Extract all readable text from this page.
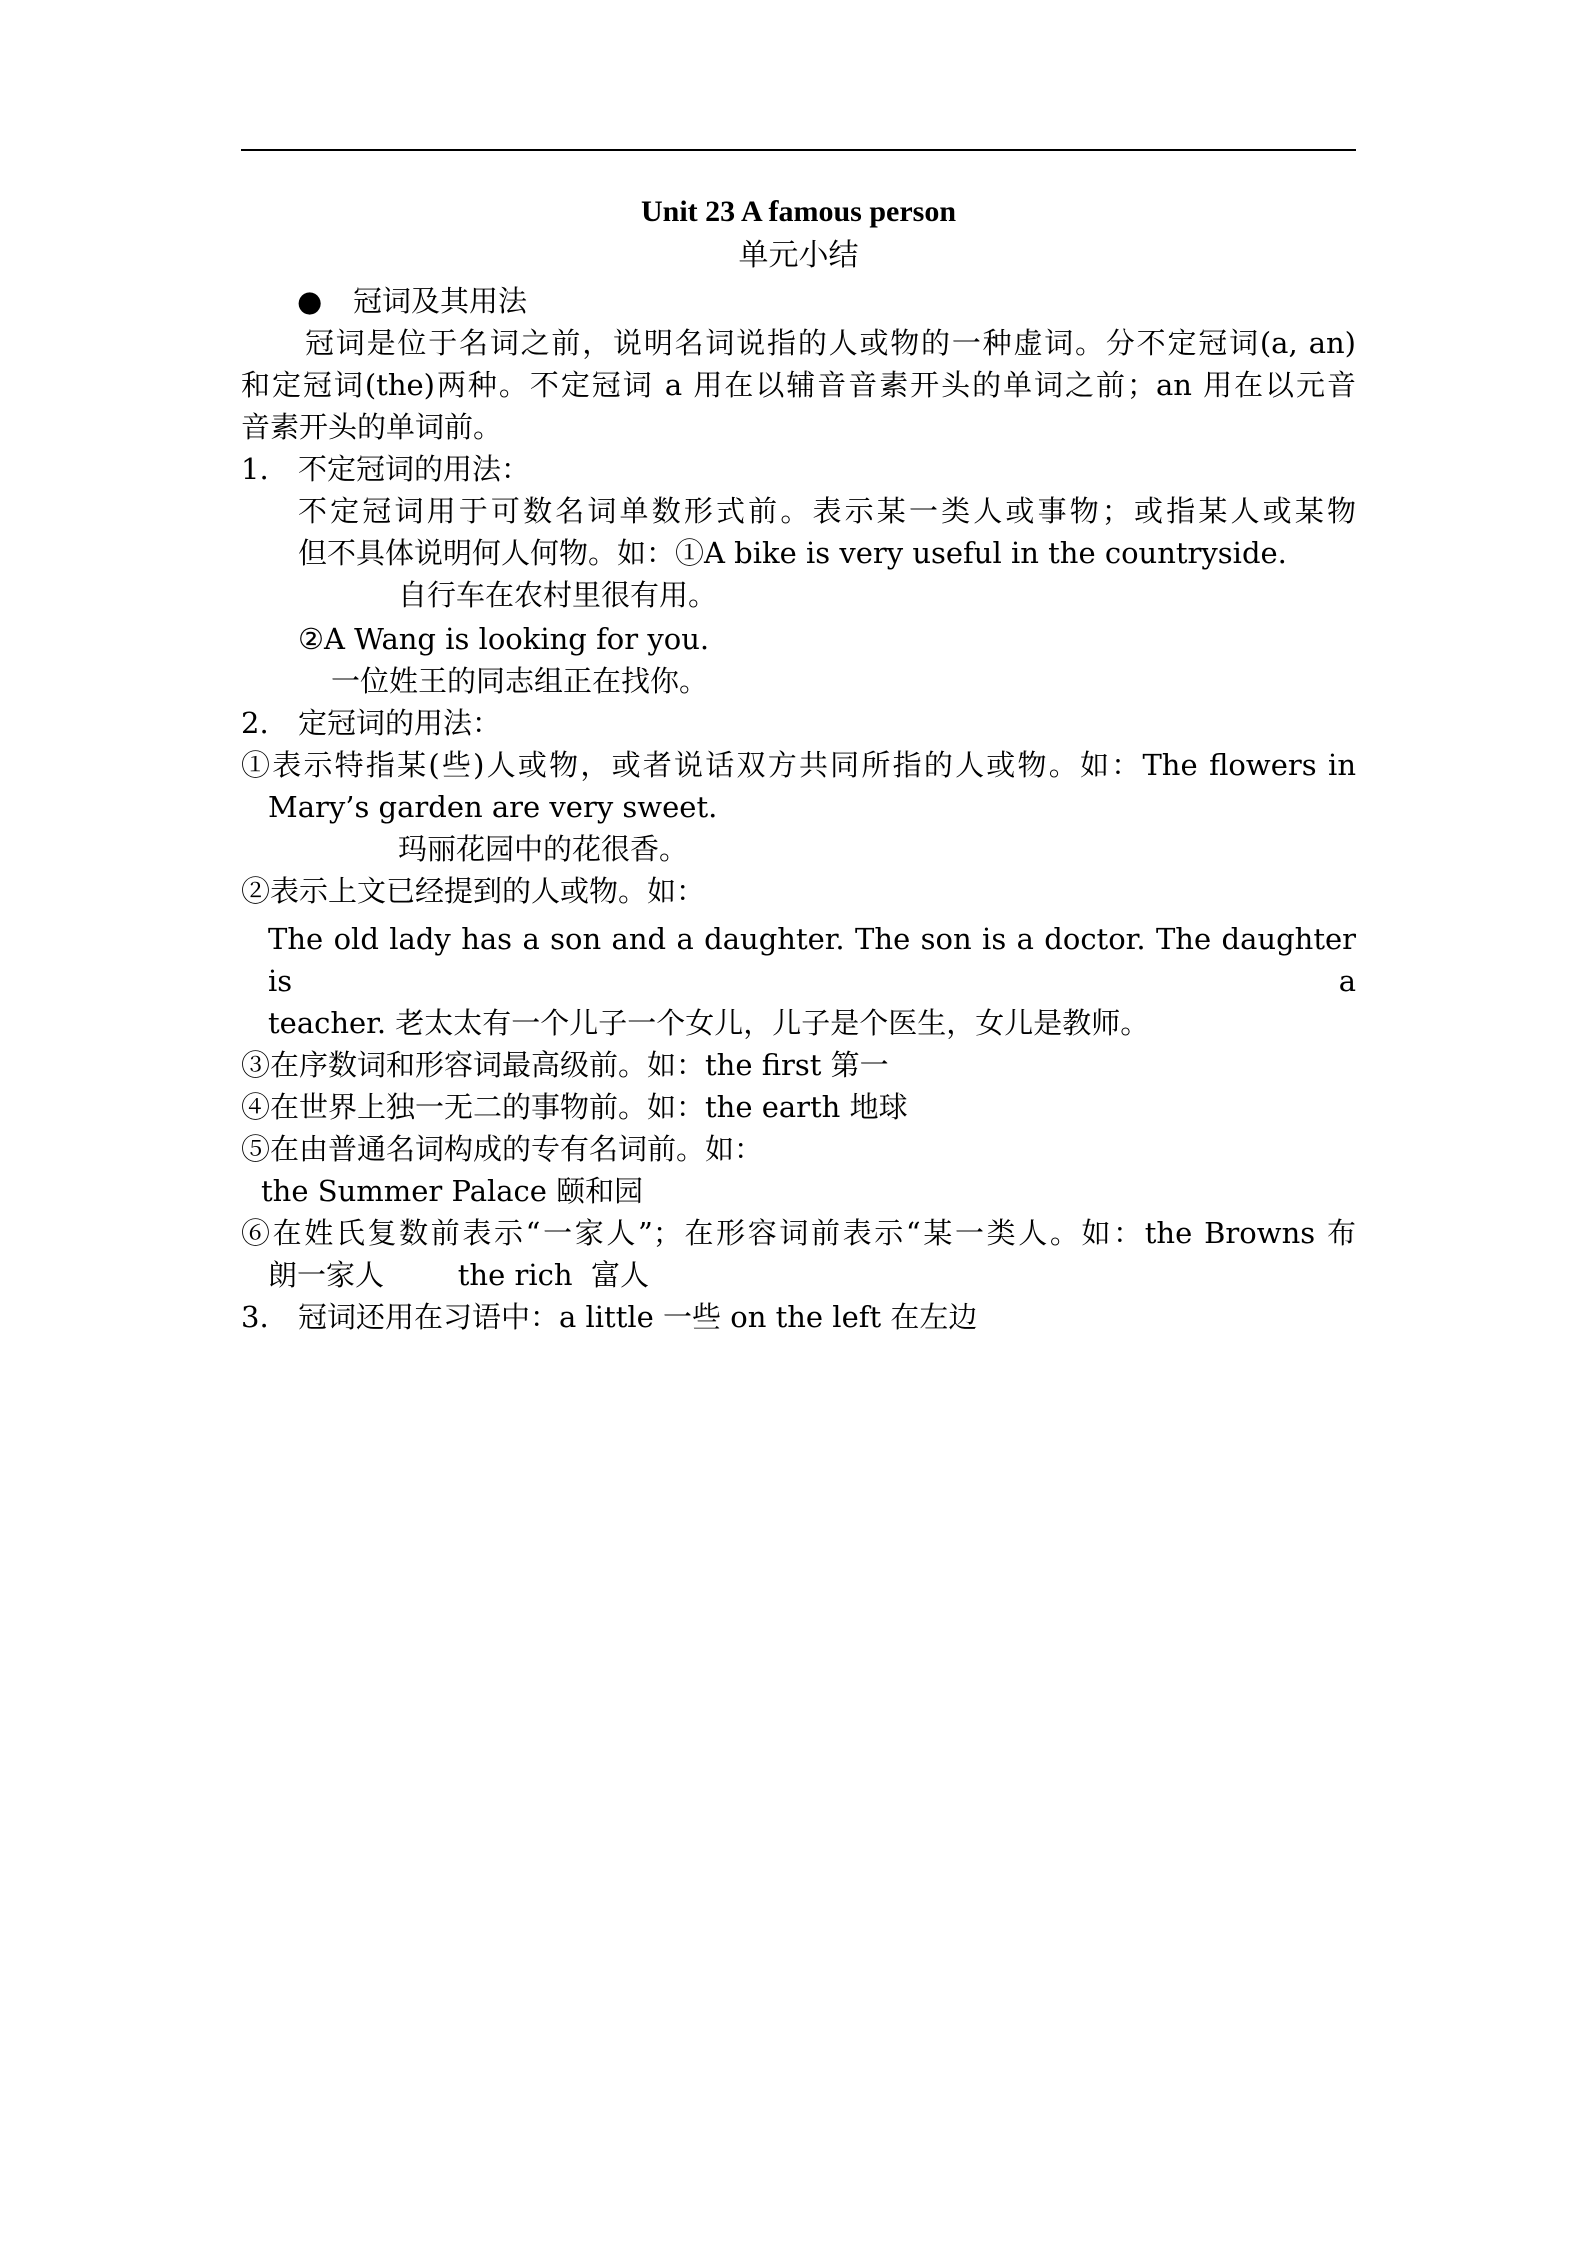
Unit 23 A famous person

单元小结

● 冠词及其用法

冠词是位于名词之前，说明名词说指的人或物的一种虚词。分不定冠词(a, an)

和定冠词(the)两种。不定冠词 a 用在以辅音音素开头的单词之前；an 用在以元音

音素开头的单词前。

1. 不定冠词的用法：

不定冠词用于可数名词单数形式前。表示某一类人或事物；或指某人或某物

但不具体说明何人何物。如：①A bike is very useful in the countryside.

自行车在农村里很有用。

②A Wang is looking for you.

一位姓王的同志组正在找你。

2. 定冠词的用法：

①表示特指某(些)人或物，或者说话双方共同所指的人或物。如：The flowers in

Mary’s garden are very sweet.

玛丽花园中的花很香。

②表示上文已经提到的人或物。如：

The old lady has a son and a daughter. The son is a doctor. The daughter is a

teacher. 老太太有一个儿子一个女儿，儿子是个医生，女儿是教师。

③在序数词和形容词最高级前。如：the first 第一

④在世界上独一无二的事物前。如：the earth 地球

⑤在由普通名词构成的专有名词前。如：

the Summer Palace 颐和园

⑥在姓氏复数前表示“一家人”；在形容词前表示“某一类人。如：the Browns 布

朗一家人        the rich  富人

3. 冠词还用在习语中：a little 一些 on the left 在左边
